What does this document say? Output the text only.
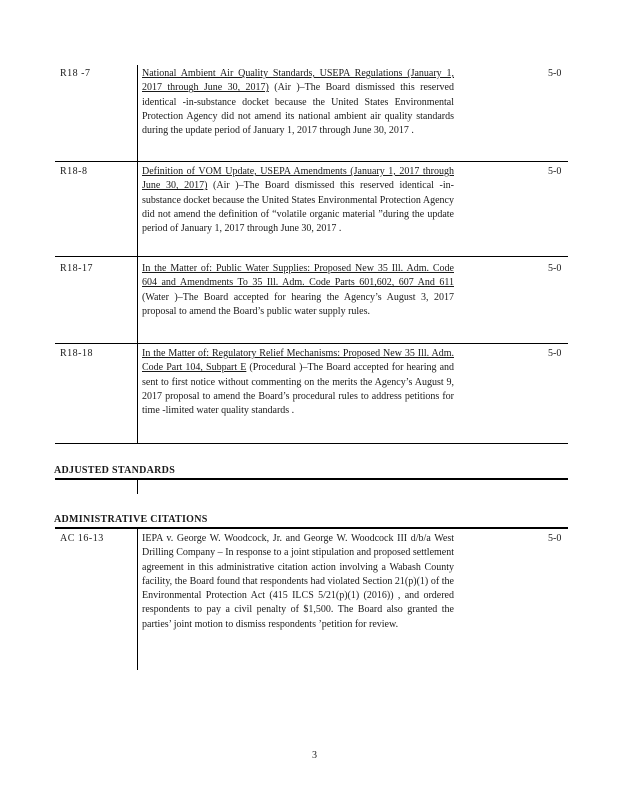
R18 -7	National Ambient Air Quality Standards, USEPA Regulations (January 1, 2017 through June 30, 2017) (Air )–The Board dismissed this reserved identical -in-substance docket because the United States Environmental Protection Agency did not amend its national ambient air quality standards during the update period of January 1, 2017 through June 30, 2017 .
5-0
R18-8	Definition of VOM Update, USEPA Amendments (January 1, 2017 through June 30, 2017) (Air )–The Board dismissed this reserved identical -in-substance docket because the United States Environmental Protection Agency did not amend the definition of “volatile organic material ”during the update period of January 1, 2017 through June 30, 2017 .
5-0
R18-17	In the Matter of: Public Water Supplies: Proposed New 35 Ill. Adm. Code 604 and Amendments To 35 Ill. Adm. Code Parts 601,602, 607 And 611 (Water )–The Board accepted for hearing the Agency’s August 3, 2017 proposal to amend the Board’s public water supply rules.
5-0
R18-18	In the Matter of: Regulatory Relief Mechanisms: Proposed New 35 Ill. Adm. Code Part 104, Subpart E (Procedural )–The Board accepted for hearing and sent to first notice without commenting on the merits the Agency’s August 9, 2017 proposal to amend the Board’s procedural rules to address petitions for time -limited water quality standards .
5-0
ADJUSTED STANDARDS
ADMINISTRATIVE CITATIONS
AC 16-13	IEPA v. George W. Woodcock, Jr. and George W. Woodcock III d/b/a West Drilling Company – In response to a joint stipulation and proposed settlement agreement in this administrative citation action involving a Wabash County facility, the Board found that respondents had violated Section 21(p)(1) of the Environmental Protection Act (415 ILCS 5/21(p)(1) (2016)) , and ordered respondents to pay a civil penalty of $1,500. The Board also granted the parties’ joint motion to dismiss respondents ’petition for review.
5-0
3
